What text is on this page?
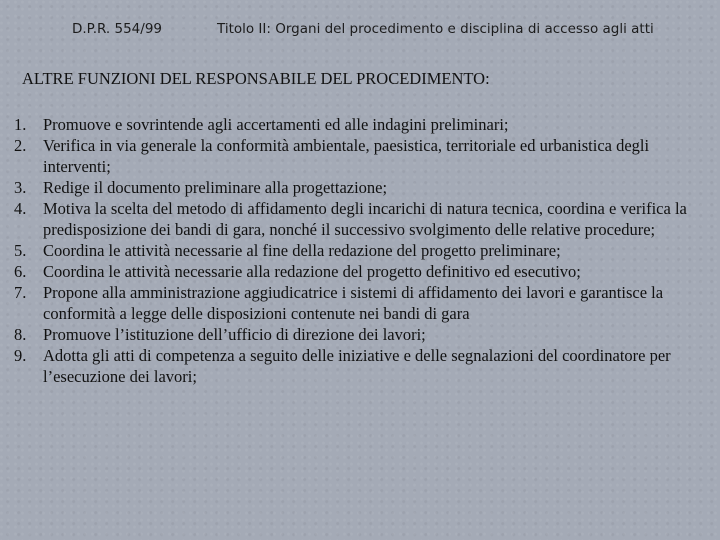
D.P.R. 554/99	Titolo II: Organi del procedimento e disciplina di accesso agli atti
ALTRE FUNZIONI DEL RESPONSABILE DEL PROCEDIMENTO:
1. Promuove e sovrintende agli accertamenti ed alle indagini preliminari;
2. Verifica in via generale la conformità ambientale, paesistica, territoriale ed urbanistica degli interventi;
3. Redige il documento preliminare alla progettazione;
4. Motiva la scelta del metodo di affidamento degli incarichi di natura tecnica, coordina e verifica la predisposizione dei bandi di gara, nonché il successivo svolgimento delle relative procedure;
5. Coordina le attività necessarie al fine della redazione del progetto preliminare;
6. Coordina le attività necessarie alla redazione del progetto definitivo ed esecutivo;
7. Propone alla amministrazione aggiudicatrice i sistemi di affidamento dei lavori e garantisce la conformità a legge delle disposizioni contenute nei bandi di gara
8. Promuove l’istituzione dell’ufficio di direzione dei lavori;
9. Adotta gli atti di competenza a seguito delle iniziative e delle segnalazioni del coordinatore per l’esecuzione dei lavori;
